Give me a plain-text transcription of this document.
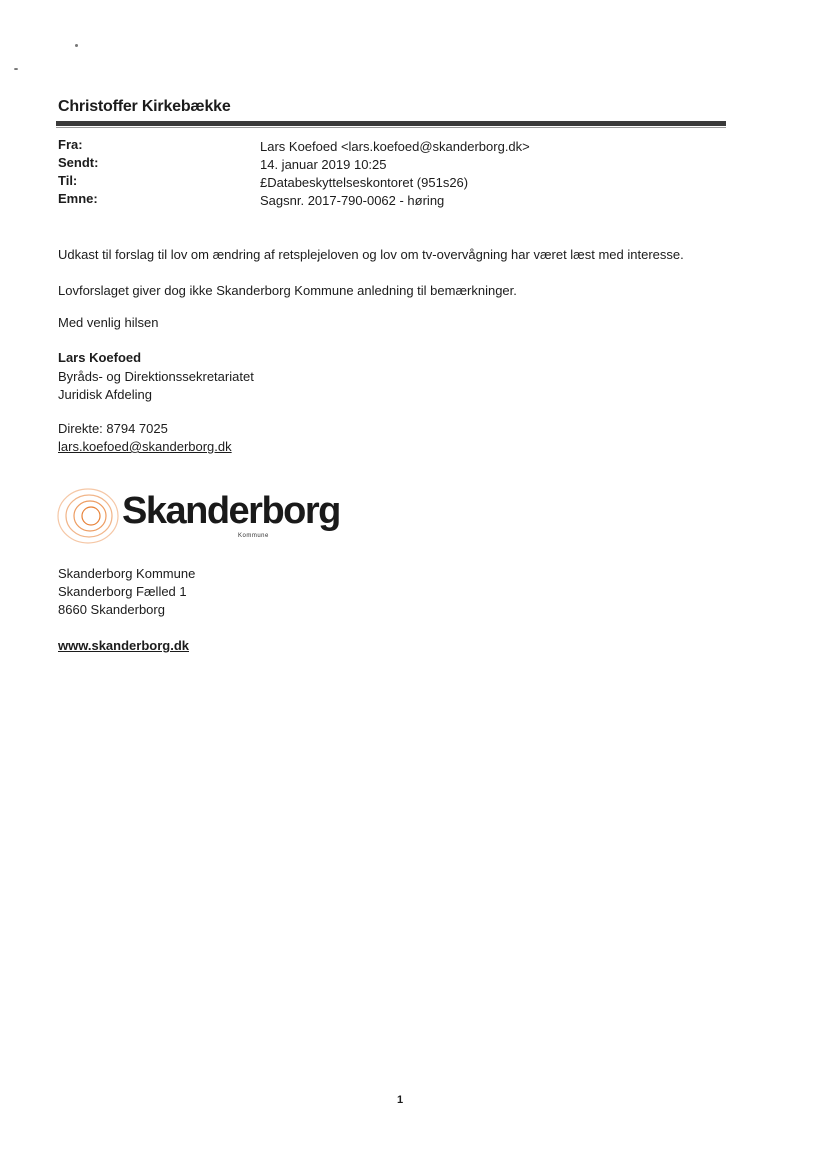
Christoffer Kirkebække
Fra:	Lars Koefoed <lars.koefoed@skanderborg.dk>
Sendt:	14. januar 2019 10:25
Til:	£Databeskyttelseskontoret (951s26)
Emne:	Sagsnr. 2017-790-0062 - høring
Udkast til forslag til lov om ændring af retsplejeloven og lov om tv-overvågning har været læst med interesse.
Lovforslaget giver dog ikke Skanderborg Kommune anledning til bemærkninger.
Med venlig hilsen
Lars Koefoed
Byråds- og Direktionssekretariatet
Juridisk Afdeling
Direkte: 8794 7025
lars.koefoed@skanderborg.dk
Skanderborg
Kommune
Skanderborg Kommune
Skanderborg Fælled 1
8660 Skanderborg
www.skanderborg.dk
1
